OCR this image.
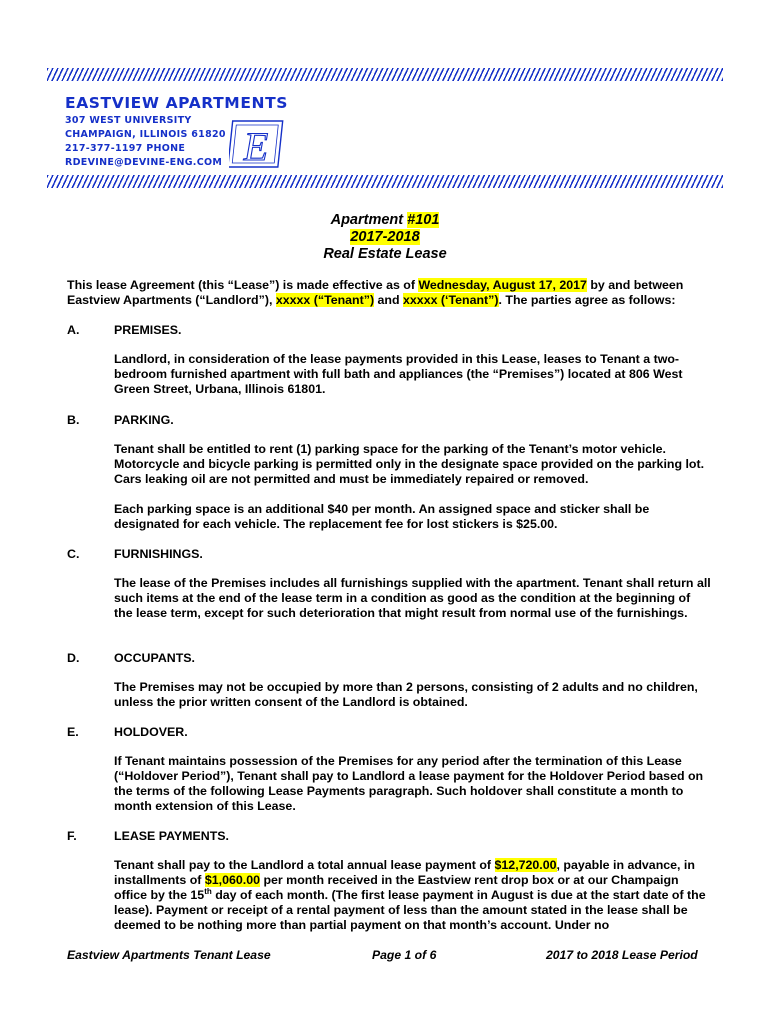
EASTVIEW APARTMENTS
307 WEST UNIVERSITY
CHAMPAIGN, ILLINOIS 61820
217-377-1197 PHONE
RDEVINE@DEVINE-ENG.COM E
Apartment #101
2017-2018
Real Estate Lease
This lease Agreement (this “Lease”) is made effective as of Wednesday, August 17, 2017 by and between Eastview Apartments (“Landlord”), xxxxx (“Tenant”) and xxxxx (‘Tenant”). The parties agree as follows:
A.	PREMISES.
Landlord, in consideration of the lease payments provided in this Lease, leases to Tenant a two-bedroom furnished apartment with full bath and appliances (the “Premises”) located at 806 West Green Street, Urbana, Illinois 61801.
B.	PARKING.
Tenant shall be entitled to rent (1) parking space for the parking of the Tenant’s motor vehicle. Motorcycle and bicycle parking is permitted only in the designate space provided on the parking lot. Cars leaking oil are not permitted and must be immediately repaired or removed.
Each parking space is an additional $40 per month. An assigned space and sticker shall be designated for each vehicle. The replacement fee for lost stickers is $25.00.
C.	FURNISHINGS.
The lease of the Premises includes all furnishings supplied with the apartment. Tenant shall return all such items at the end of the lease term in a condition as good as the condition at the beginning of the lease term, except for such deterioration that might result from normal use of the furnishings.
D.	OCCUPANTS.
The Premises may not be occupied by more than 2 persons, consisting of 2 adults and no children, unless the prior written consent of the Landlord is obtained.
E.	HOLDOVER.
If Tenant maintains possession of the Premises for any period after the termination of this Lease (“Holdover Period”), Tenant shall pay to Landlord a lease payment for the Holdover Period based on the terms of the following Lease Payments paragraph. Such holdover shall constitute a month to month extension of this Lease.
F.	LEASE PAYMENTS.
Tenant shall pay to the Landlord a total annual lease payment of $12,720.00, payable in advance, in installments of $1,060.00 per month received in the Eastview rent drop box or at our Champaign office by the 15th day of each month. (The first lease payment in August is due at the start date of the lease). Payment or receipt of a rental payment of less than the amount stated in the lease shall be deemed to be nothing more than partial payment on that month’s account. Under no
Eastview Apartments Tenant Lease	Page 1 of 6	2017 to 2018 Lease Period
